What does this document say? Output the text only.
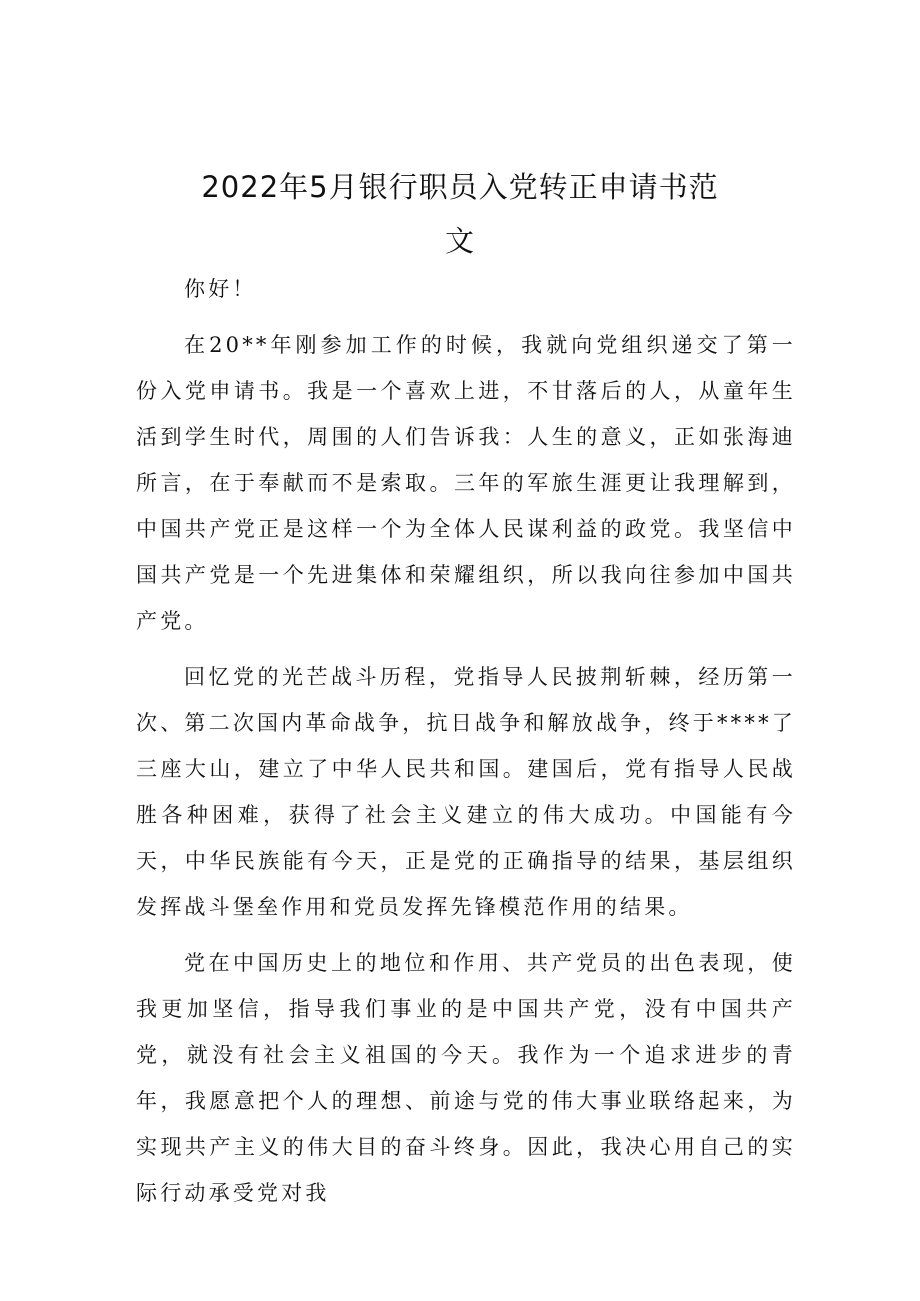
2022年5月银行职员入党转正申请书范
文

你好！

在20**年刚参加工作的时候，我就向党组织递交了第一份入党申请书。我是一个喜欢上进，不甘落后的人，从童年生活到学生时代，周围的人们告诉我：人生的意义，正如张海迪所言，在于奉献而不是索取。三年的军旅生涯更让我理解到，中国共产党正是这样一个为全体人民谋利益的政党。我坚信中国共产党是一个先进集体和荣耀组织，所以我向往参加中国共产党。

回忆党的光芒战斗历程，党指导人民披荆斩棘，经历第一次、第二次国内革命战争，抗日战争和解放战争，终于****了三座大山，建立了中华人民共和国。建国后，党有指导人民战胜各种困难，获得了社会主义建立的伟大成功。中国能有今天，中华民族能有今天，正是党的正确指导的结果，基层组织发挥战斗堡垒作用和党员发挥先锋模范作用的结果。

党在中国历史上的地位和作用、共产党员的出色表现，使我更加坚信，指导我们事业的是中国共产党，没有中国共产党，就没有社会主义祖国的今天。我作为一个追求进步的青年，我愿意把个人的理想、前途与党的伟大事业联络起来，为实现共产主义的伟大目的奋斗终身。因此，我决心用自己的实际行动承受党对我
